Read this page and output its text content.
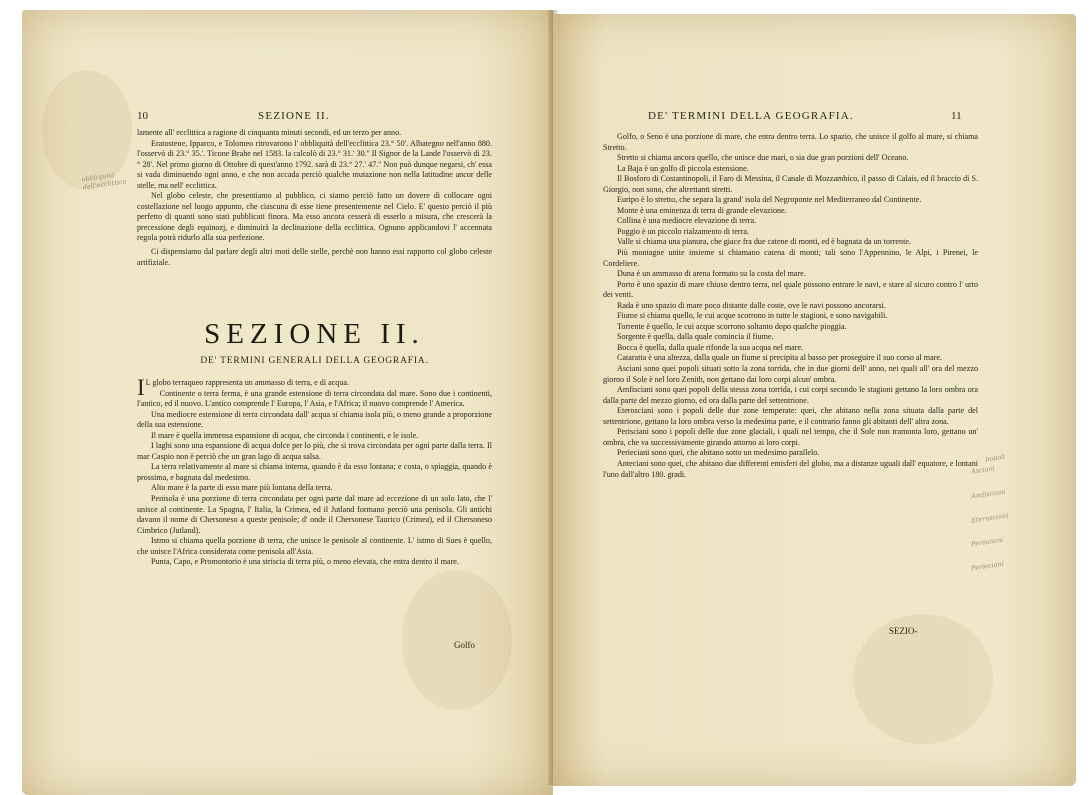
10	SEZIONE II.
obbliquità dell'ecclittica

lamente all' ecclittica a ragione di cinquanta minuti secondi, ed un terzo per anno.

Eratostene, Ipparco, e Tolomeo ritrovarono l' obbliquità dell'ecclittica 23.° 50'. Albategno nell'anno 880. l'osservò di 23.° 35.'. Ticone Brahe nel 1583. la calcolò di 23.° 31.' 30.'' Il Signor de la Lande l'osservò di 23.° 28'. Nel primo giorno di Ottobre di quest'anno 1792. sarà di 23.° 27.' 47.'' Non può dunque negarsi, ch' essa si vada diminuendo ogni anno, e che non accada perciò qualche mutazione non nella latitudine ancor delle stelle, ma nell' ecclittica.

Nel globo celeste, che presentiamo al pubblico, ci siamo perciò fatto un dovere di collocare ogni costellazione nel luogo appunto, che ciascuna di esse tiene presentemente nel Cielo. E' questo perciò il più perfetto di quanti sono stati pubblicati finora. Ma esso ancora cesserà di esserlo a misura, che crescerà la precessione degli equinozj, e diminuirà la declinazione della ecclittica. Ognuno applicandovi l' accennata regola potrà ridurlo alla sua perfezione.

Ci dispensiamo dal parlare degli altri moti delle stelle, perchè non hanno essi rapporto col globo celeste artifiziale.

SEZIONE II.
DE' TERMINI GENERALI DELLA GEOGRAFIA.

I L globo terraqueo rappresenta un ammasso di terra, e di acqua.

Continente o terra ferma, è una grande estensione di terra circondata dal mare. Sono due i continenti, l'antico, ed il nuovo. L'antico comprende l' Europa, l' Asia, e l'Africa; il nuovo comprende l' America.

Una mediocre estensione di terra circondata dall' acqua si chiama isola più, o meno grande a proporzione della sua estensione.

Il mare è quella immensa espansione di acqua, che circonda i continenti, e le isole.

I laghi sono una espansione di acqua dolce per lo più, che si trova circondata per ogni parte dalla terra. Il mar Caspio non è perciò che un gran lago di acqua salsa.

La terra relativamente al mare si chiama interna, quando è da esso lontana; e costa, o spiaggia, quando è prossima, e bagnata dal medesimo.

Alto mare è la parte di esso mare più lontana della terra.

Penisola è una porzione di terra circondata per ogni parte dal mare ad eccezione di un solo lato, che l' unisce al continente. La Spagna, l' Italia, la Crimea, ed il Jutland formano perciò una penisola. Gli antichi davano il nome di Chersoneso a queste penisole; d' onde il Chersonese Taurico (Crimea), ed il Chersoneso Cimbrico (Jutland).

Istmo si chiama quella porzione di terra, che unisce le penisole al continente. L' istmo di Sues è quello, che unisce l'Africa considerata come penisola all'Asia.

Punta, Capo, e Promontorio è una striscia di terra più, o meno elevata, che entra dentro il mare.

Golfo
DE' TERMINI DELLA GEOGRAFIA.	11

Golfo, o Seno è una porzione di mare, che entra dentro terra. Lo spazio, che unisce il golfo al mare, si chiama Stretto.

Stretto si chiama ancora quello, che unisce due mari, o sia due gran porzioni dell' Oceano.

La Baja è un golfo di piccola estensione.

Il Bosforo di Costantinopoli, il Faro di Messina, il Canale di Mozzambico, il passo di Calais, ed il braccio di S. Giorgio, non sono, che altrettanti stretti.

Euripo è lo stretto, che separa la grand' isola del Negroponte nel Mediterraneo dal Continente.

Monte è una eminenza di terra di grande elevazione.

Collina è una mediocre elevazione di terra.

Poggio è un piccolo rialzamento di terra.

Valle si chiama una pianura, che giace fra due catene di monti, ed è bagnata da un torrente.

Più montagne unite insieme si chiamano catena di monti; tali sono l'Appennino, le Alpi, i Pirenei, le Cordeliere.

Duna è un ammasso di arena formato su la costa del mare.

Porto è uno spazio di mare chiuso dentro terra, nel quale possono entrare le navi, e stare al sicuro contro l' urto dei venti.

Rada è uno spazio di mare poco distante dalle coste, ove le navi possono ancorarsi.

Fiume si chiama quello, le cui acque scorrono in tutte le stagioni, e sono navigabili.

Torrente è quello, le cui acque scorrono soltanto dopo qualche pioggia.

Sorgente è quella, dalla quale comincia il fiume.

Bocca è quella, dalla quale rifonde la sua acqua nel mare.

Cataratta è una altezza, dalla quale un fiume si precipita al basso per proseguire il suo corso al mare.

Asciani sono quei popoli situati sotto la zona torrida, che in due giorni dell' anno, nei quali all' ora del mezzo giorno il Sole è nel loro Zenith, non gettano dai loro corpi alcun' ombra.

Amfisciani sono quei popoli della stessa zona torrida, i cui corpi secondo le stagioni gettano la loro ombra ora dalla parte del mezzo giorno, ed ora dalla parte del settentrione.

Eterosciani sono i popoli delle due zone temperate: quei, che abitano nella zona situata dalla parte del settentrione, gettano la loro ombra verso la medesima parte, e il contrario fanno gli abitanti dell' altra zona.

Perisciani sono i popoli delle due zone glaciali, i quali nel tempo, che il Sole non tramonta loro, gettano un' ombra, che va successivamente girando attorno ai loro corpi.

Perieciani sono quei, che abitano sotto un medesimo parallelo.

Anteciani sono quei, che abitano due differenti emisferi del globo, ma a distanze uguali dall' equatore, e lontani l'uno dall'altro 180. gradi.

SEZIO-
popoli
Asciani
Amfisciani
Eterosciani
Perisciani
Perieciani
